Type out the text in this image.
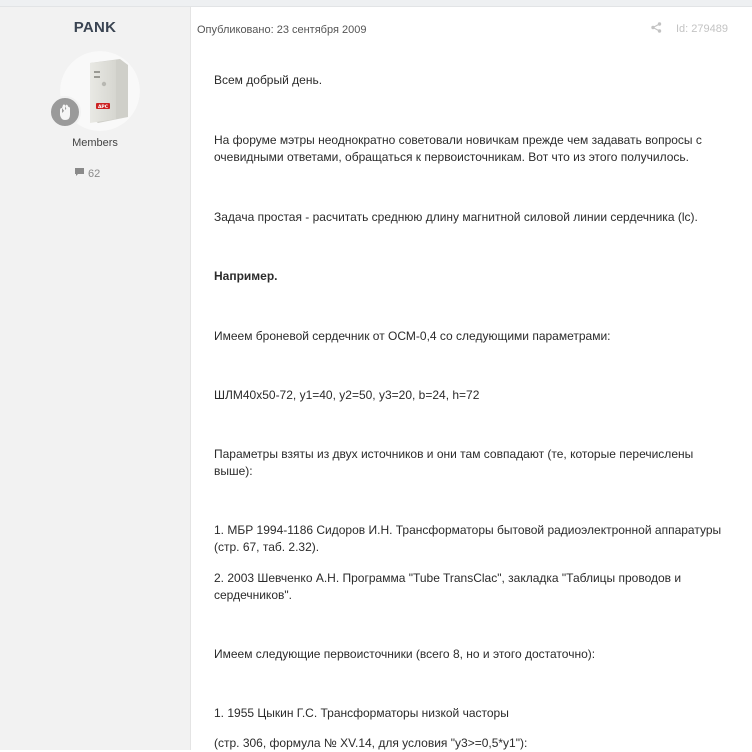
PANK
APC
Members
62
Опубликовано: 23 сентября 2009	Id: 279489

Всем добрый день.

На форуме мэтры неоднократно советовали новичкам прежде чем задавать вопросы с очевидными ответами, обращаться к первоисточникам. Вот что из этого получилось.

Задача простая - расчитать среднюю длину магнитной силовой линии сердечника (lc).

Например.

Имеем броневой сердечник от ОСМ-0,4 со следующими параметрами:

ШЛМ40х50-72, у1=40, у2=50, у3=20, b=24, h=72

Параметры взяты из двух источников и они там совпадают (те, которые перечислены выше):

1. МБР 1994-1186 Сидоров И.Н. Трансформаторы бытовой радиоэлектронной аппаратуры (стр. 67, таб. 2.32).

2. 2003 Шевченко А.Н. Программа "Tube TransClac", закладка "Таблицы проводов и сердечников".

Имеем следующие первоисточники (всего 8, но и этого достаточно):

1. 1955 Цыкин Г.С. Трансформаторы низкой часторы

(стр. 306, формула № XV.14, для условия "у3>=0,5*у1"):
